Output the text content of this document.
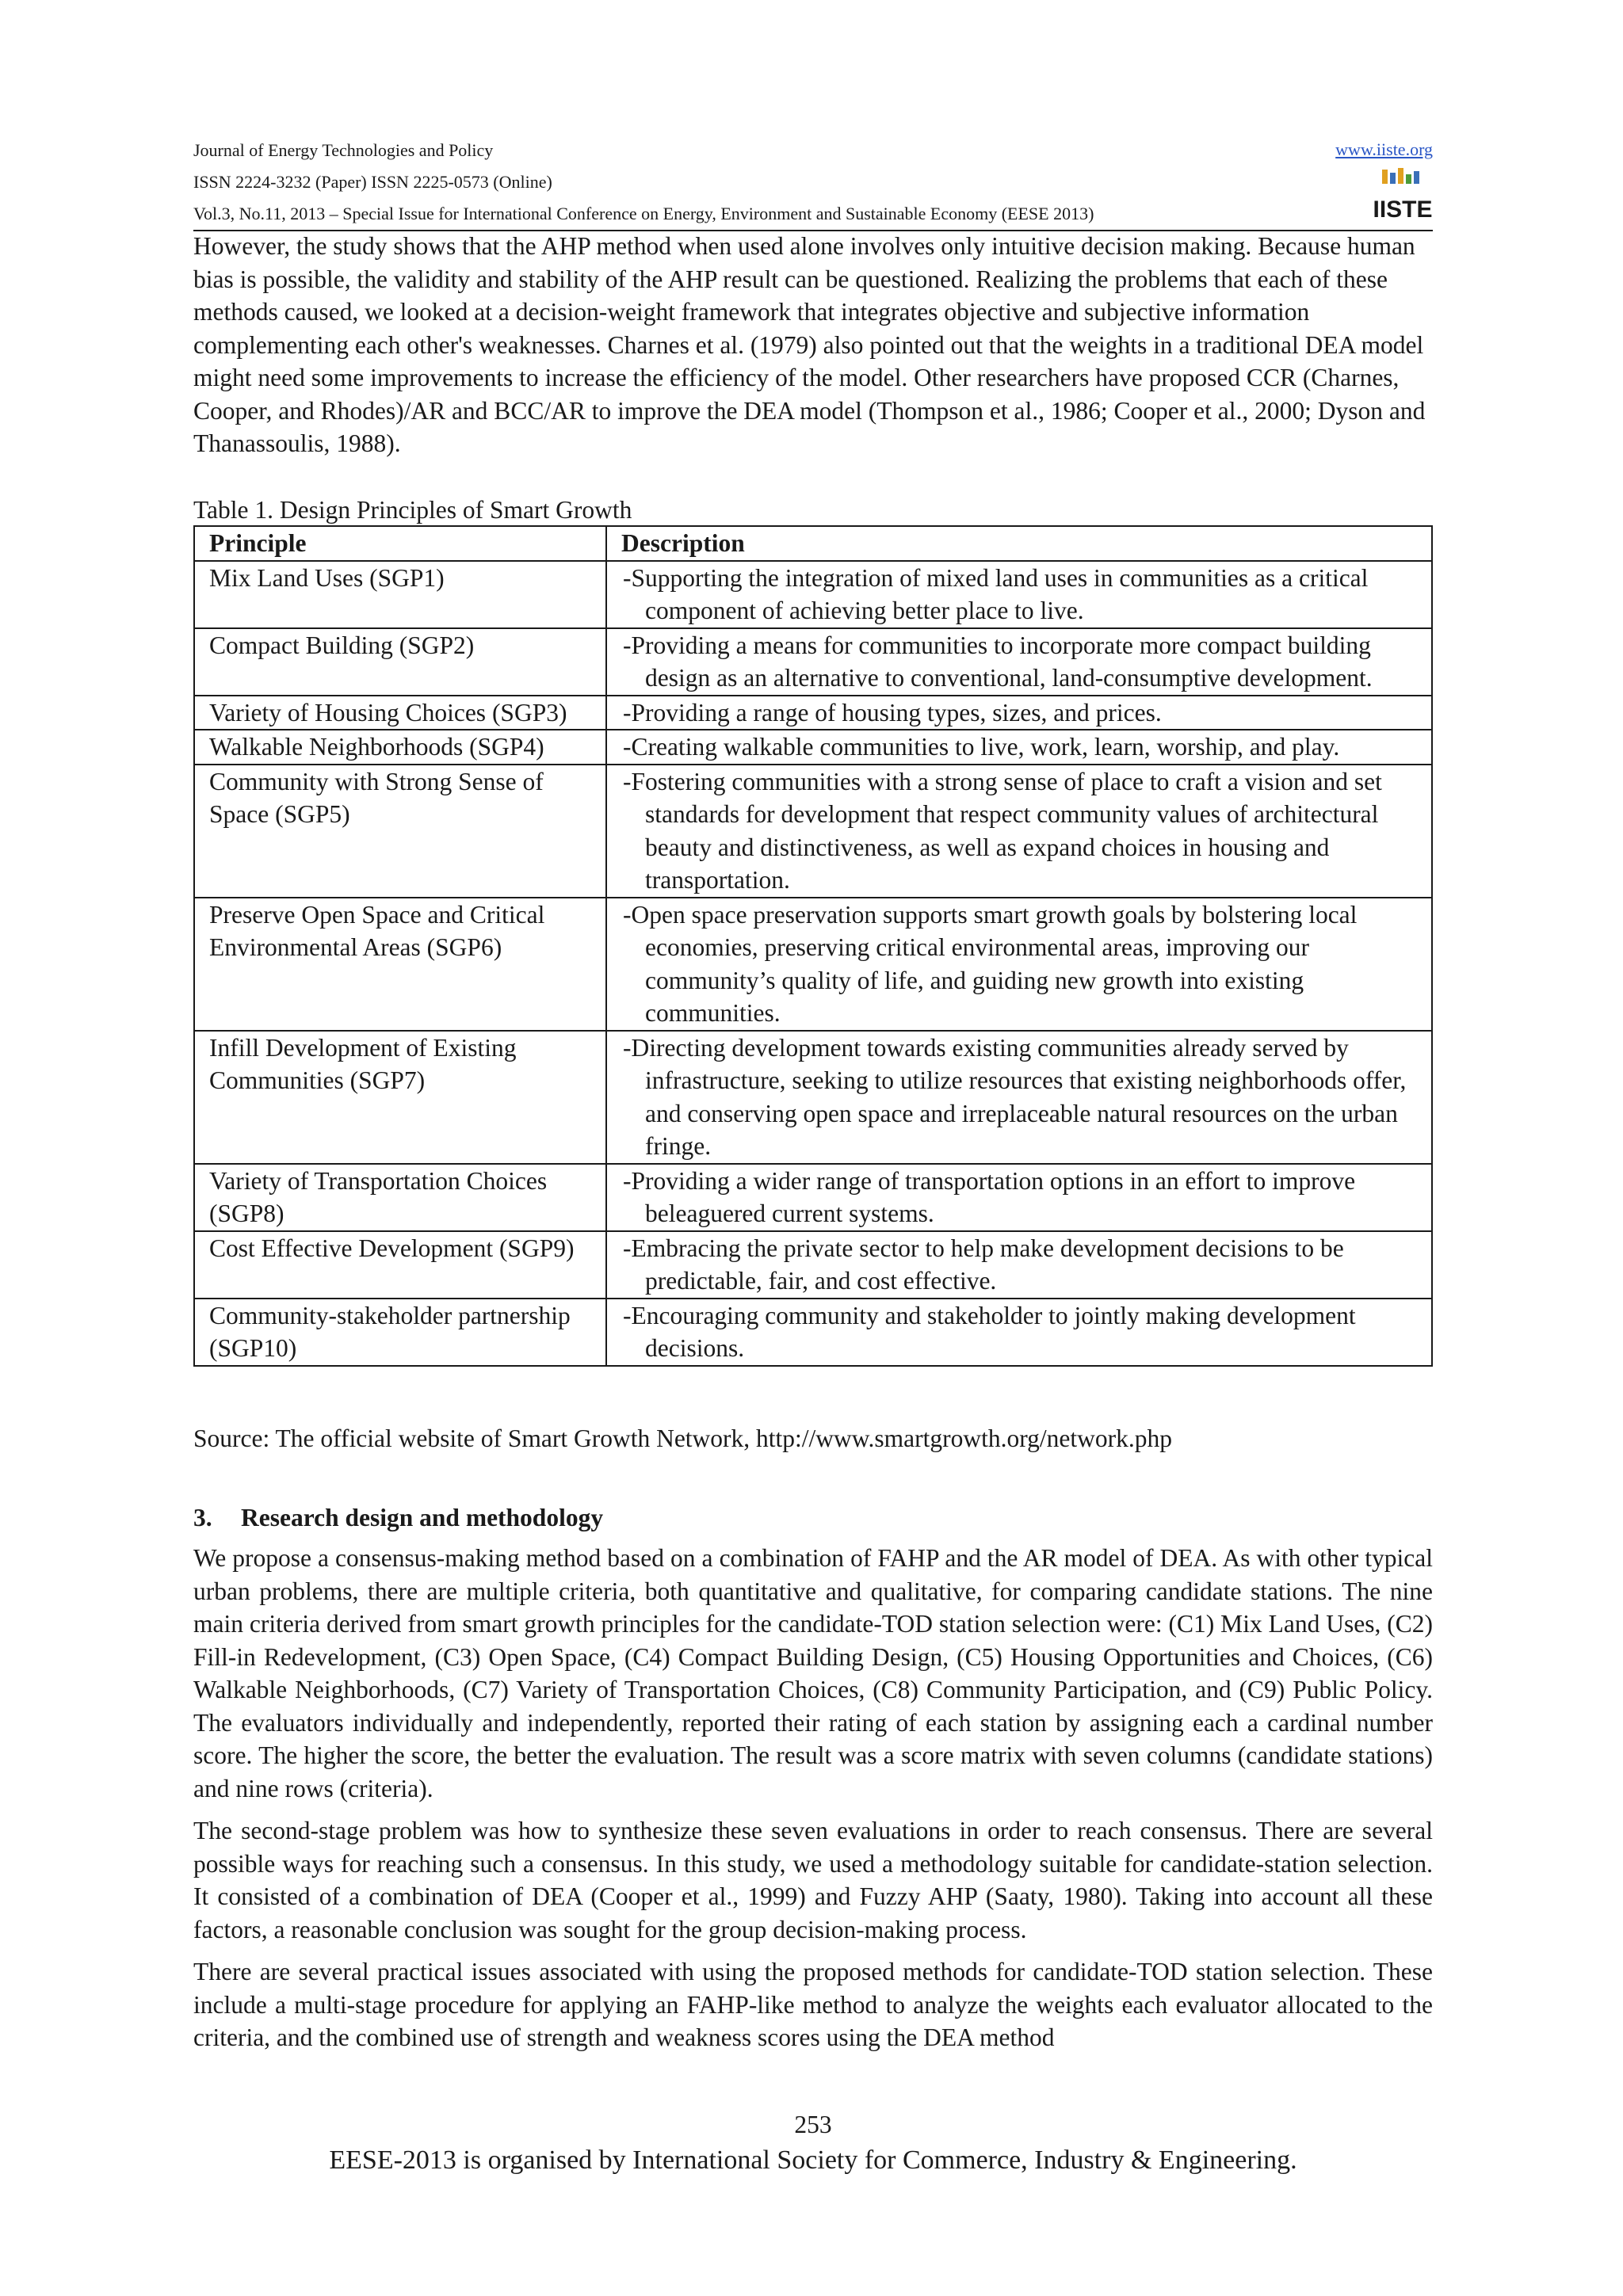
Journal of Energy Technologies and Policy	www.iiste.org
ISSN 2224-3232 (Paper) ISSN 2225-0573 (Online)
Vol.3, No.11, 2013 – Special Issue for International Conference on Energy, Environment and Sustainable Economy (EESE 2013)	IISTE

However, the study shows that the AHP method when used alone involves only intuitive decision making. Because human bias is possible, the validity and stability of the AHP result can be questioned. Realizing the problems that each of these methods caused, we looked at a decision-weight framework that integrates objective and subjective information complementing each other's weaknesses. Charnes et al. (1979) also pointed out that the weights in a traditional DEA model might need some improvements to increase the efficiency of the model. Other researchers have proposed CCR (Charnes, Cooper, and Rhodes)/AR and BCC/AR to improve the DEA model (Thompson et al., 1986; Cooper et al., 2000; Dyson and Thanassoulis, 1988).

Table 1. Design Principles of Smart Growth
Principle	Description
Mix Land Uses (SGP1)	-Supporting the integration of mixed land uses in communities as a critical component of achieving better place to live.

Compact Building (SGP2)	-Providing a means for communities to incorporate more compact building design as an alternative to conventional, land-consumptive development.

Variety of Housing Choices (SGP3)	-Providing a range of housing types, sizes, and prices.

Walkable Neighborhoods (SGP4)	-Creating walkable communities to live, work, learn, worship, and play.

Community with Strong Sense of Space (SGP5)	-Fostering communities with a strong sense of place to craft a vision and set standards for development that respect community values of architectural beauty and distinctiveness, as well as expand choices in housing and transportation.

Preserve Open Space and Critical Environmental Areas (SGP6)	-Open space preservation supports smart growth goals by bolstering local economies, preserving critical environmental areas, improving our community’s quality of life, and guiding new growth into existing communities.

Infill Development of Existing Communities (SGP7)	-Directing development towards existing communities already served by infrastructure, seeking to utilize resources that existing neighborhoods offer, and conserving open space and irreplaceable natural resources on the urban fringe.

Variety of Transportation Choices (SGP8)	-Providing a wider range of transportation options in an effort to improve beleaguered current systems.

Cost Effective Development (SGP9)	-Embracing the private sector to help make development decisions to be predictable, fair, and cost effective.

Community-stakeholder partnership (SGP10)	-Encouraging community and stakeholder to jointly making development decisions.
Source: The official website of Smart Growth Network, http://www.smartgrowth.org/network.php
3. Research design and methodology

We propose a consensus-making method based on a combination of FAHP and the AR model of DEA. As with other typical urban problems, there are multiple criteria, both quantitative and qualitative, for comparing candidate stations. The nine main criteria derived from smart growth principles for the candidate-TOD station selection were: (C1) Mix Land Uses, (C2) Fill-in Redevelopment, (C3) Open Space, (C4) Compact Building Design, (C5) Housing Opportunities and Choices, (C6) Walkable Neighborhoods, (C7) Variety of Transportation Choices, (C8) Community Participation, and (C9) Public Policy. The evaluators individually and independently, reported their rating of each station by assigning each a cardinal number score. The higher the score, the better the evaluation. The result was a score matrix with seven columns (candidate stations) and nine rows (criteria).

The second-stage problem was how to synthesize these seven evaluations in order to reach consensus. There are several possible ways for reaching such a consensus. In this study, we used a methodology suitable for candidate-station selection. It consisted of a combination of DEA (Cooper et al., 1999) and Fuzzy AHP (Saaty, 1980). Taking into account all these factors, a reasonable conclusion was sought for the group decision-making process.

There are several practical issues associated with using the proposed methods for candidate-TOD station selection. These include a multi-stage procedure for applying an FAHP-like method to analyze the weights each evaluator allocated to the criteria, and the combined use of strength and weakness scores using the DEA method

253
EESE-2013 is organised by International Society for Commerce, Industry & Engineering.
